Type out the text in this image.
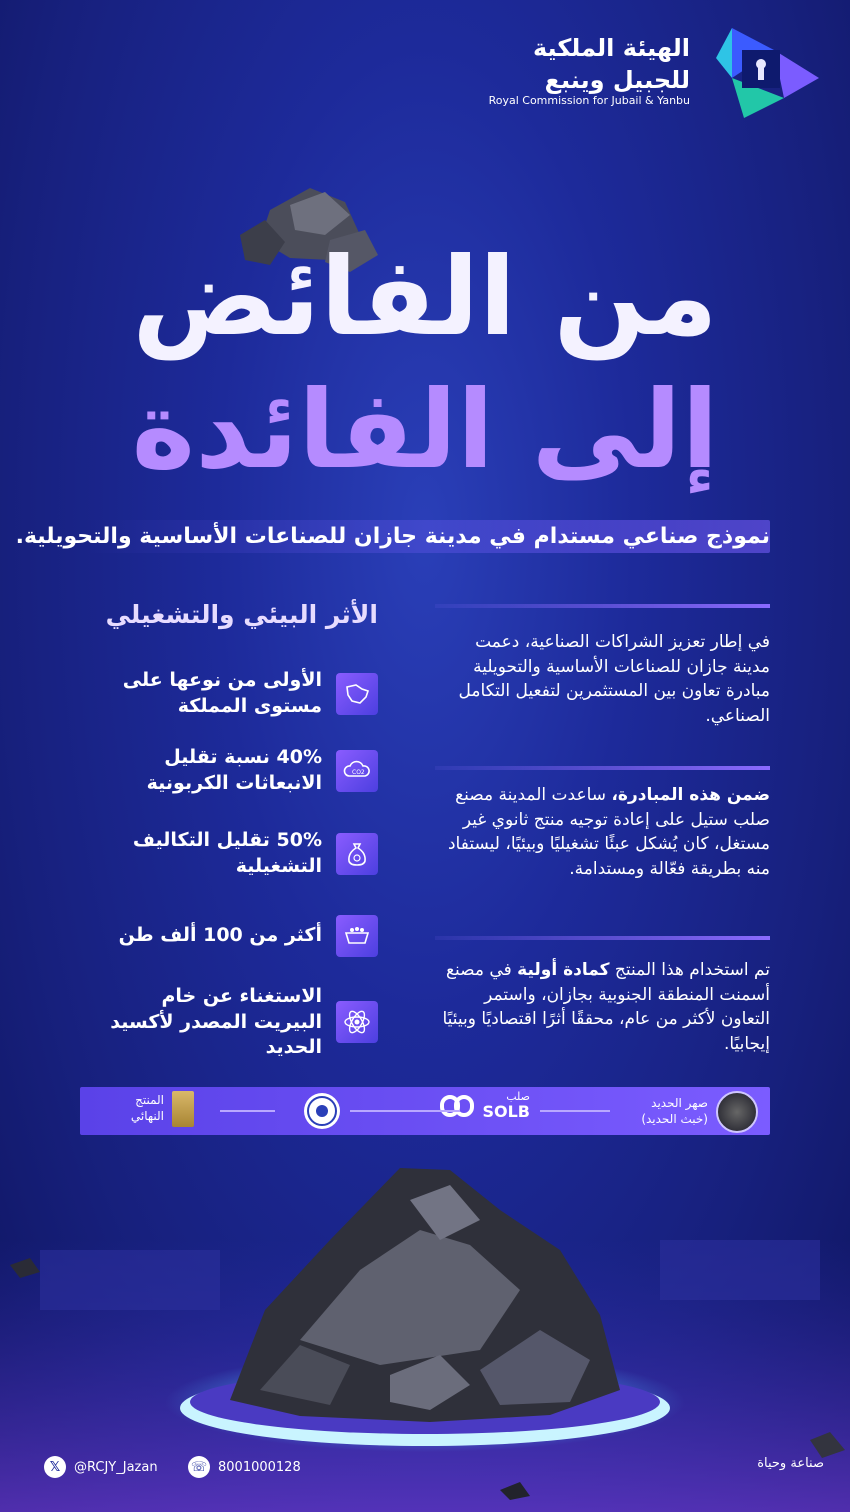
الهيئة الملكية
للجبيل وينبع
Royal Commission for Jubail & Yanbu
من الفائض
إلى الفائدة
نموذج صناعي مستدام في مدينة جازان للصناعات الأساسية والتحويلية.
الأثر البيئي والتشغيلي
الأولى من نوعها على مستوى المملكة
40% نسبة تقليل الانبعاثات الكربونية	CO2
50% تقليل التكاليف التشغيلية
أكثر من 100 ألف طن
الاستغناء عن خام البيريت المصدر لأكسيد الحديد
في إطار تعزيز الشراكات الصناعية، دعمت مدينة جازان للصناعات الأساسية والتحويلية مبادرة تعاون بين المستثمرين لتفعيل التكامل الصناعي.
ضمن هذه المبادرة، ساعدت المدينة مصنع صلب ستيل على إعادة توجيه منتج ثانوي غير مستغل، كان يُشكل عبئًا تشغيليًا وبيئيًا، ليستفاد منه بطريقة فعّالة ومستدامة.
تم استخدام هذا المنتج كمادة أولية في مصنع أسمنت المنطقة الجنوبية بجازان، واستمر التعاون لأكثر من عام، محققًا أثرًا اقتصاديًا وبيئيًا إيجابيًا.
صهر الحديد
(خبث الحديد)
صلب
SOLB
المنتج النهائي
𝕏	@RCJY_Jazan	☏ 8001000128	صناعة وحياة
